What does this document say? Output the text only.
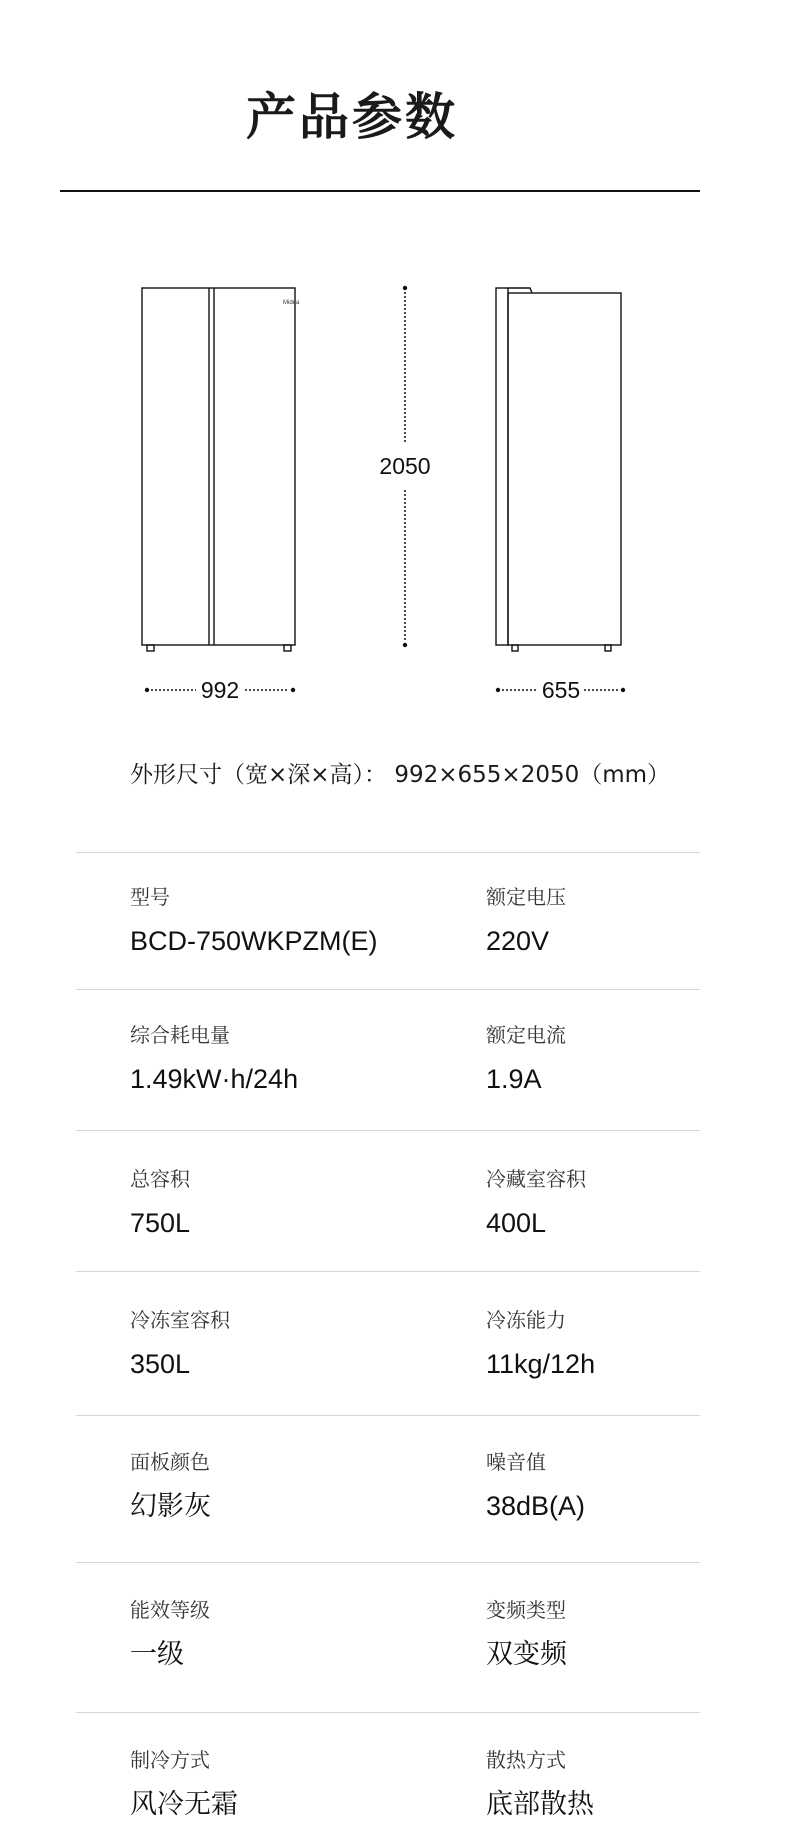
产品参数
Midea
992
2050
655
外形尺寸（宽×深×高）： 992×655×2050（mm）
型号
BCD-750WKPZM(E)
额定电压
220V
综合耗电量
1.49kW·h/24h
额定电流
1.9A
总容积
750L
冷藏室容积
400L
冷冻室容积
350L
冷冻能力
11kg/12h
面板颜色
幻影灰
噪音值
38dB(A)
能效等级
一级
变频类型
双变频
制冷方式
风冷无霜
散热方式
底部散热
